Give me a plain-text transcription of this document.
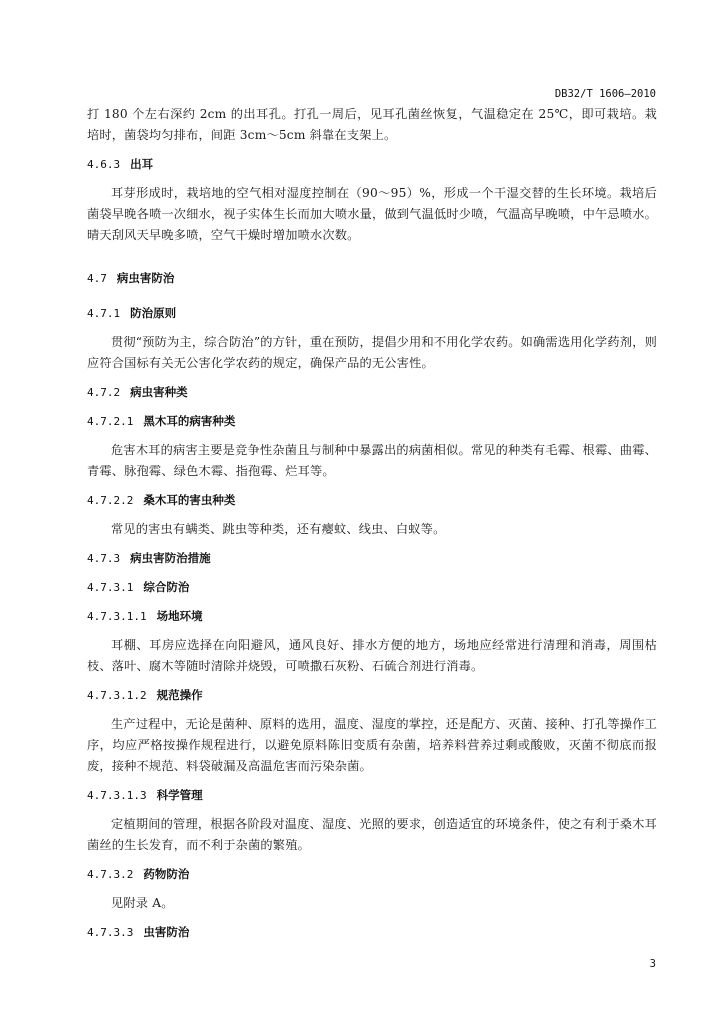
DB32/T 1606—2010

打 180 个左右深约 2cm 的出耳孔。打孔一周后，见耳孔菌丝恢复，气温稳定在 25℃，即可栽培。栽培时，菌袋均匀排布，间距 3cm～5cm 斜靠在支架上。

4.6.3 出耳

耳芽形成时，栽培地的空气相对湿度控制在（90～95）%，形成一个干湿交替的生长环境。栽培后菌袋早晚各喷一次细水，视子实体生长而加大喷水量，做到气温低时少喷，气温高早晚喷，中午忌喷水。晴天刮风天早晚多喷，空气干燥时增加喷水次数。

4.7 病虫害防治

4.7.1 防治原则

贯彻“预防为主，综合防治”的方针，重在预防，提倡少用和不用化学农药。如确需选用化学药剂，则应符合国标有关无公害化学农药的规定，确保产品的无公害性。

4.7.2 病虫害种类

4.7.2.1 黑木耳的病害种类

危害木耳的病害主要是竞争性杂菌且与制种中暴露出的病菌相似。常见的种类有毛霉、根霉、曲霉、青霉、脉孢霉、绿色木霉、指孢霉、烂耳等。

4.7.2.2 桑木耳的害虫种类

常见的害虫有螨类、跳虫等种类，还有瘿蚊、线虫、白蚁等。

4.7.3 病虫害防治措施

4.7.3.1 综合防治

4.7.3.1.1 场地环境

耳棚、耳房应选择在向阳避风，通风良好、排水方便的地方，场地应经常进行清理和消毒，周围枯枝、落叶、腐木等随时清除并烧毁，可喷撒石灰粉、石硫合剂进行消毒。

4.7.3.1.2 规范操作

生产过程中，无论是菌种、原料的选用，温度、湿度的掌控，还是配方、灭菌、接种、打孔等操作工序，均应严格按操作规程进行，以避免原料陈旧变质有杂菌，培养料营养过剩或酸败，灭菌不彻底而报废，接种不规范、料袋破漏及高温危害而污染杂菌。

4.7.3.1.3 科学管理

定植期间的管理，根据各阶段对温度、湿度、光照的要求，创造适宜的环境条件，使之有利于桑木耳菌丝的生长发育，而不利于杂菌的繁殖。

4.7.3.2 药物防治

见附录 A。

4.7.3.3 虫害防治

3
